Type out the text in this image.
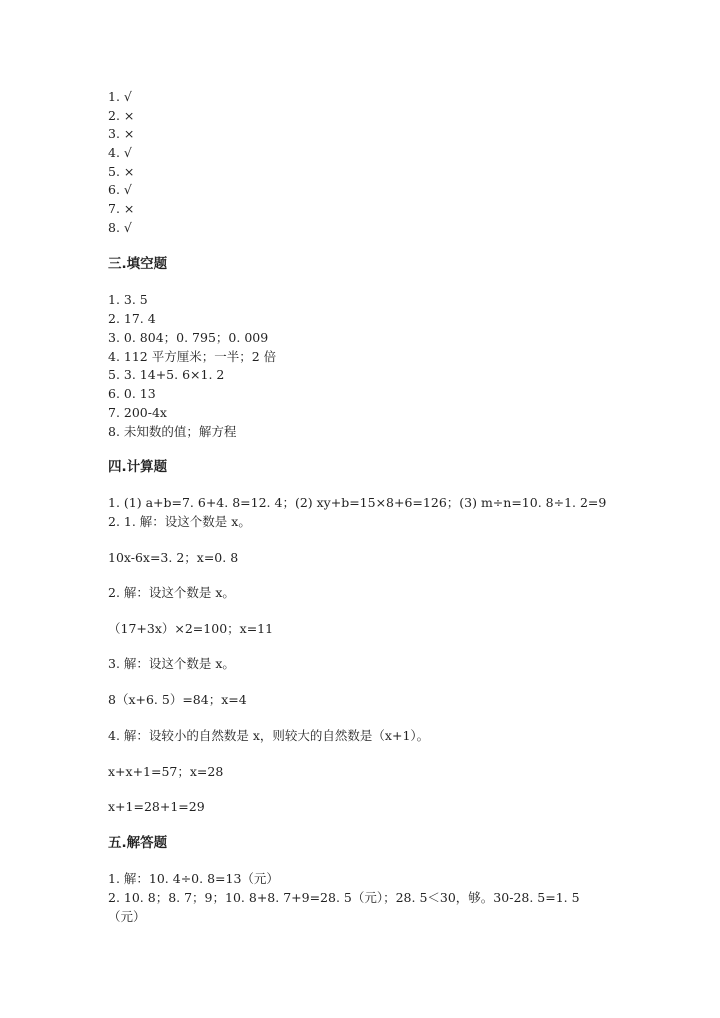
1. √
2. ×
3. ×
4. √
5. ×
6. √
7. ×
8. √
三.填空题
1. 3. 5
2. 17. 4
3. 0. 804；0. 795；0. 009
4. 112 平方厘米；一半；2 倍
5. 3. 14+5. 6×1. 2
6. 0. 13
7. 200-4x
8. 未知数的值；解方程
四.计算题
1. (1) a+b=7. 6+4. 8=12. 4；(2) xy+b=15×8+6=126；(3) m÷n=10. 8÷1. 2=9
2. 1. 解：设这个数是 x。
10x-6x=3. 2；x=0. 8
2. 解：设这个数是 x。
（17+3x）×2=100；x=11
3. 解：设这个数是 x。
8（x+6. 5）=84；x=4
4. 解：设较小的自然数是 x，则较大的自然数是（x+1）。
x+x+1=57；x=28
x+1=28+1=29
五.解答题
1. 解：10. 4÷0. 8=13（元）
2. 10. 8；8. 7；9；10. 8+8. 7+9=28. 5（元）；28. 5＜30，够。30-28. 5=1. 5
（元）
